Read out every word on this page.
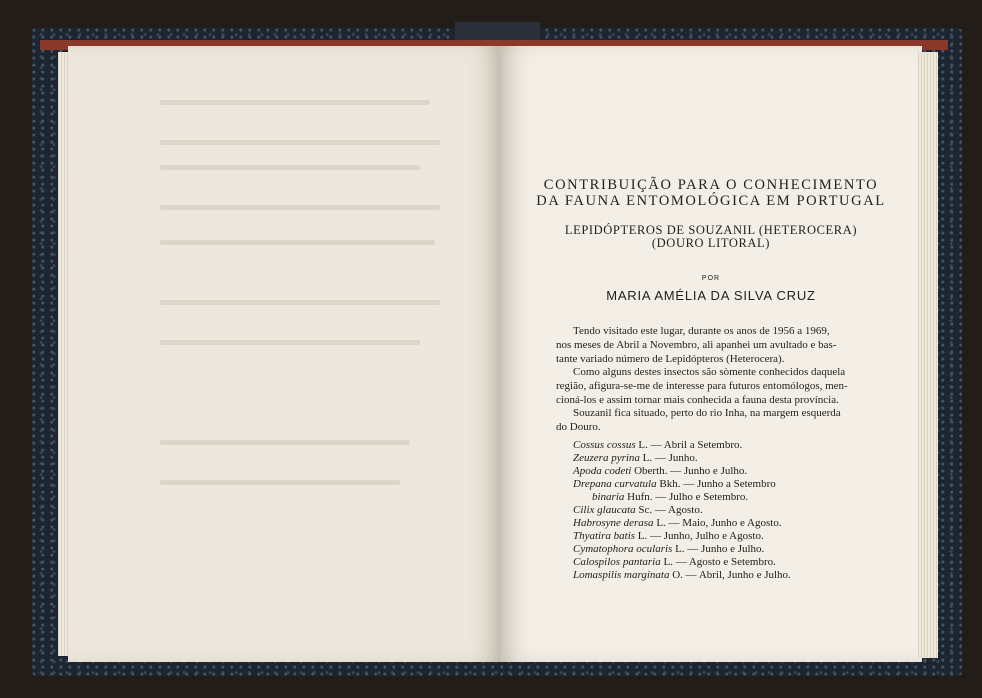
CONTRIBUIÇÃO PARA O CONHECIMENTO
DA FAUNA ENTOMOLÓGICA EM PORTUGAL
LEPIDÓPTEROS DE SOUZANIL (HETEROCERA)
(DOURO LITORAL)
POR
MARIA AMÉLIA DA SILVA CRUZ
Tendo visitado este lugar, durante os anos de 1956 a 1969,
nos meses de Abril a Novembro, ali apanhei um avultado e bas-
tante variado número de Lepidópteros (Heterocera).
Como alguns destes insectos são sòmente conhecidos daquela
região, afigura-se-me de interesse para futuros entomólogos, men-
cioná-los e assim tornar mais conhecida a fauna desta província.
Souzanil fica situado, perto do rio Inha, na margem esquerda
do Douro.
Cossus cossus L. — Abril a Setembro.
Zeuzera pyrina L. — Junho.
Apoda codeti Oberth. — Junho e Julho.
Drepana curvatula Bkh. — Junho a Setembro
binaria Hufn. — Julho e Setembro.
Cilix glaucata Sc. — Agosto.
Habrosyne derasa L. — Maio, Junho e Agosto.
Thyatira batis L. — Junho, Julho e Agosto.
Cymatophora ocularis L. — Junho e Julho.
Calospilos pantaria L. — Agosto e Setembro.
Lomaspilis marginata O. — Abril, Junho e Julho.
